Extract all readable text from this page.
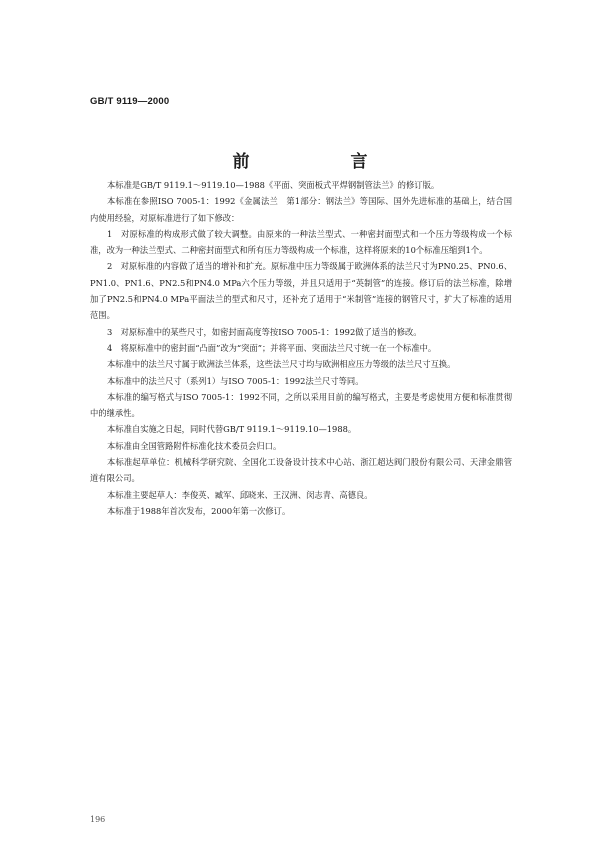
GB/T 9119—2000
前　言

本标准是GB/T 9119.1～9119.10—1988《平面、突面板式平焊钢制管法兰》的修订版。

本标准在参照ISO 7005-1：1992《金属法兰　第1部分：钢法兰》等国际、国外先进标准的基础上，结合国内使用经验，对原标准进行了如下修改：

1　对原标准的构成形式做了较大调整。由原来的一种法兰型式、一种密封面型式和一个压力等级构成一个标准，改为一种法兰型式、二种密封面型式和所有压力等级构成一个标准，这样将原来的10个标准压缩到1个。

2　对原标准的内容做了适当的增补和扩充。原标准中压力等级属于欧洲体系的法兰尺寸为PN0.25、PN0.6、PN1.0、PN1.6、PN2.5和PN4.0 MPa六个压力等级，并且只适用于“英制管”的连接。修订后的法兰标准，除增加了PN2.5和PN4.0 MPa平面法兰的型式和尺寸，还补充了适用于“米制管”连接的钢管尺寸，扩大了标准的适用范围。

3　对原标准中的某些尺寸，如密封面高度等按ISO 7005-1：1992做了适当的修改。

4　将原标准中的密封面“凸面”改为“突面”；并将平面、突面法兰尺寸统一在一个标准中。

本标准中的法兰尺寸属于欧洲法兰体系，这些法兰尺寸均与欧洲相应压力等级的法兰尺寸互换。

本标准中的法兰尺寸（系列1）与ISO 7005-1：1992法兰尺寸等同。

本标准的编写格式与ISO 7005-1：1992不同，之所以采用目前的编写格式，主要是考虑使用方便和标准贯彻中的继承性。

本标准自实施之日起，同时代替GB/T 9119.1～9119.10—1988。

本标准由全国管路附件标准化技术委员会归口。

本标准起草单位：机械科学研究院、全国化工设备设计技术中心站、浙江超达阀门股份有限公司、天津金鼎管道有限公司。

本标准主要起草人：李俊英、臧军、邱晓来、王汉洲、闵志青、高德良。

本标准于1988年首次发布，2000年第一次修订。

196
